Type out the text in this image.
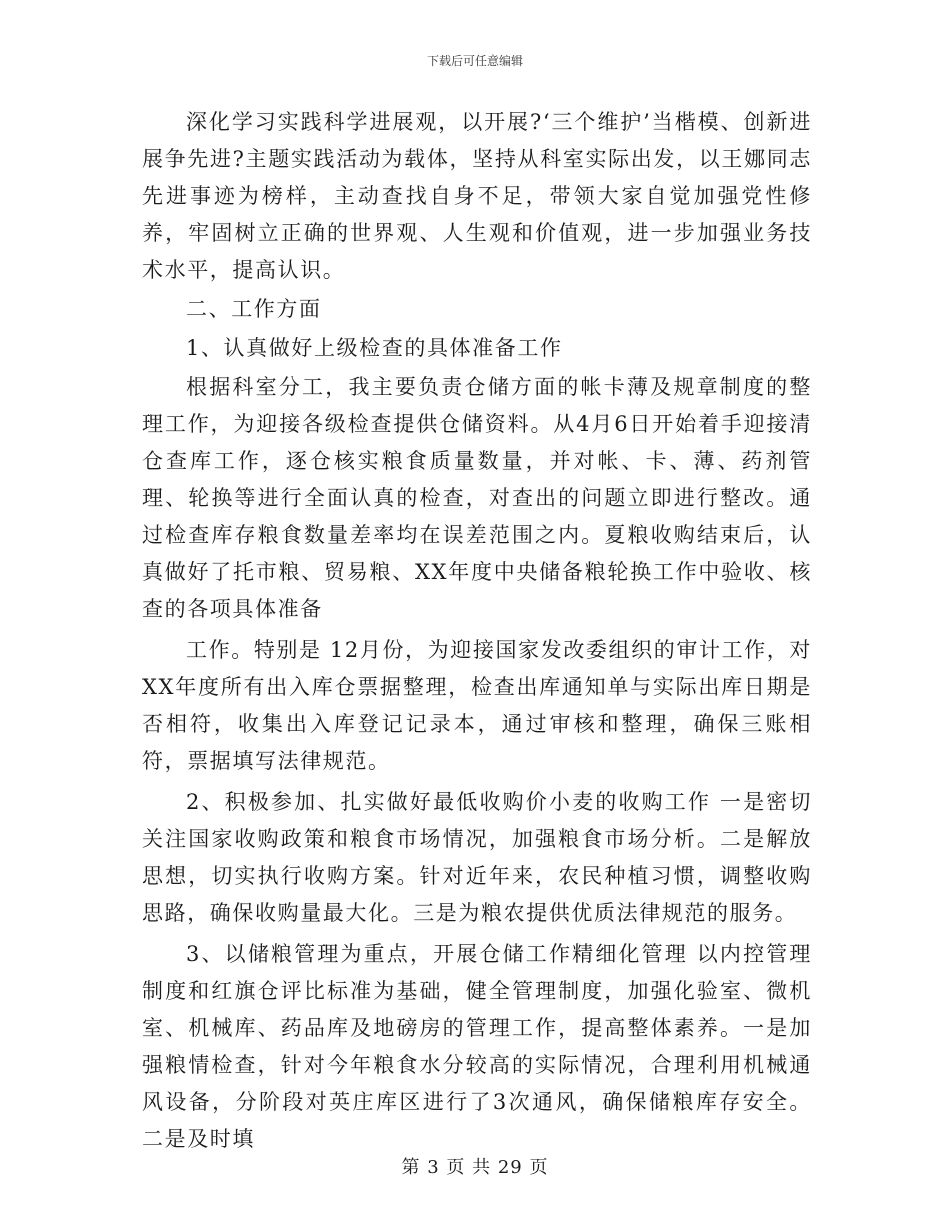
下载后可任意编辑

深化学习实践科学进展观，以开展?‘三个维护’当楷模、创新进展争先进?主题实践活动为载体，坚持从科室实际出发，以王娜同志先进事迹为榜样，主动查找自身不足，带领大家自觉加强党性修养，牢固树立正确的世界观、人生观和价值观，进一步加强业务技术水平，提高认识。

二、工作方面

1、认真做好上级检查的具体准备工作

根据科室分工，我主要负责仓储方面的帐卡薄及规章制度的整理工作，为迎接各级检查提供仓储资料。从4月6日开始着手迎接清仓查库工作，逐仓核实粮食质量数量，并对帐、卡、薄、药剂管理、轮换等进行全面认真的检查，对查出的问题立即进行整改。通过检查库存粮食数量差率均在误差范围之内。夏粮收购结束后，认真做好了托市粮、贸易粮、XX年度中央储备粮轮换工作中验收、核查的各项具体准备

工作。特别是 12月份，为迎接国家发改委组织的审计工作，对XX年度所有出入库仓票据整理，检查出库通知单与实际出库日期是否相符，收集出入库登记记录本，通过审核和整理，确保三账相符，票据填写法律规范。

2、积极参加、扎实做好最低收购价小麦的收购工作 一是密切关注国家收购政策和粮食市场情况，加强粮食市场分析。二是解放思想，切实执行收购方案。针对近年来，农民种植习惯，调整收购思路，确保收购量最大化。三是为粮农提供优质法律规范的服务。

3、以储粮管理为重点，开展仓储工作精细化管理 以内控管理制度和红旗仓评比标准为基础，健全管理制度，加强化验室、微机室、机械库、药品库及地磅房的管理工作，提高整体素养。一是加强粮情检查，针对今年粮食水分较高的实际情况，合理利用机械通风设备，分阶段对英庄库区进行了3次通风，确保储粮库存安全。二是及时填

第 3 页 共 29 页
